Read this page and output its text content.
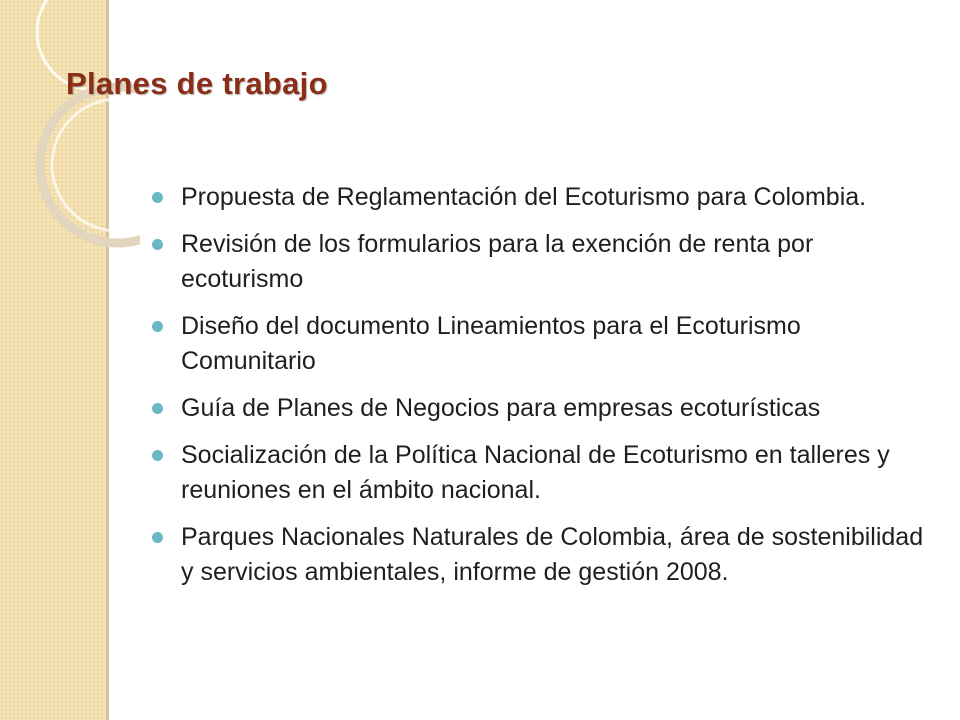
Planes de trabajo
Propuesta de Reglamentación del Ecoturismo para Colombia.
Revisión de los formularios para la exención de renta por ecoturismo
Diseño del documento Lineamientos para el Ecoturismo Comunitario
Guía de Planes de Negocios para empresas ecoturísticas
Socialización de la Política Nacional de Ecoturismo en talleres y reuniones en el ámbito nacional.
Parques Nacionales Naturales de Colombia, área de sostenibilidad y servicios ambientales, informe de gestión 2008.
